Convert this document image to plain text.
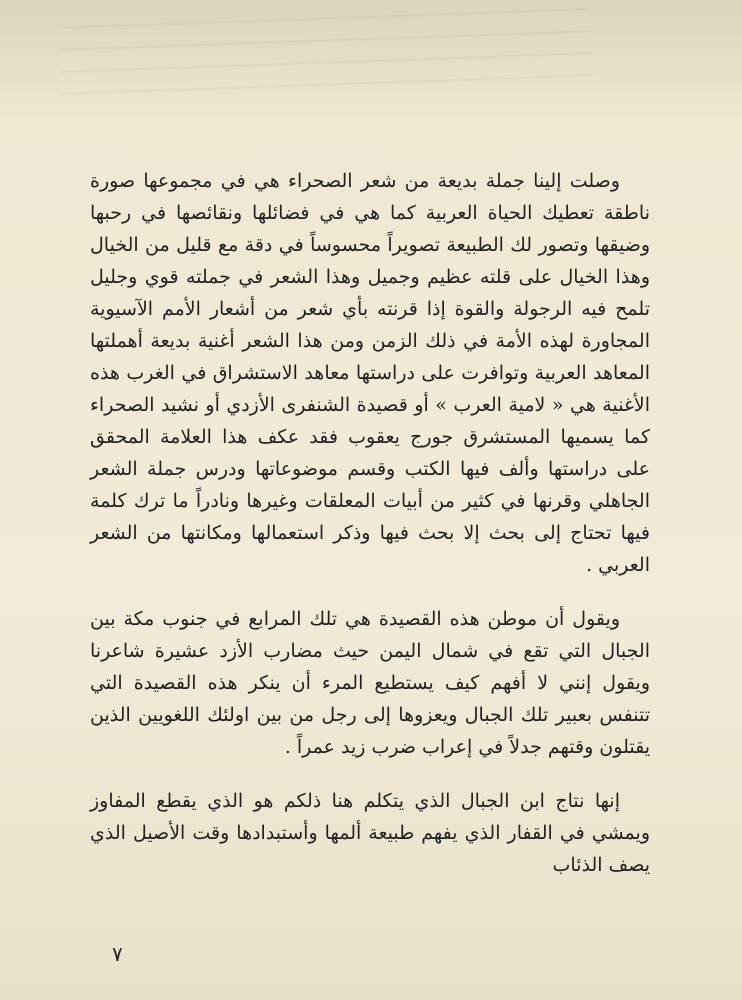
وصلت إلينا جملة بديعة من شعر الصحراء هي في مجموعها صورة ناطقة تعطيك الحياة العربية كما هي في فضائلها ونقائصها في رحبها وضيقها وتصور لك الطبيعة تصويراً محسوساً في دقة مع قليل من الخيال وهذا الخيال على قلته عظيم وجميل وهذا الشعر في جملته قوي وجليل تلمح فيه الرجولة والقوة إذا قرنته بأي شعر من أشعار الأمم الآسيوية المجاورة لهذه الأمة في ذلك الزمن ومن هذا الشعر أغنية بديعة أهملتها المعاهد العربية وتوافرت على دراستها معاهد الاستشراق في الغرب هذه الأغنية هي « لامية العرب » أو قصيدة الشنفرى الأزدي أو نشيد الصحراء كما يسميها المستشرق جورج يعقوب فقد عكف هذا العلامة المحقق على دراستها وألف فيها الكتب وقسم موضوعاتها ودرس جملة الشعر الجاهلي وقرنها في كثير من أبيات المعلقات وغيرها ونادراً ما ترك كلمة فيها تحتاج إلى بحث إلا بحث فيها وذكر استعمالها ومكانتها من الشعر العربي .

ويقول أن موطن هذه القصيدة هي تلك المرابع في جنوب مكة بين الجبال التي تقع في شمال اليمن حيث مضارب الأزد عشيرة شاعرنا ويقول إنني لا أفهم كيف يستطيع المرء أن ينكر هذه القصيدة التي تتنفس بعبير تلك الجبال ويعزوها إلى رجل من بين اولئك اللغويين الذين يقتلون وقتهم جدلاً في إعراب ضرب زيد عمراً .

إنها نتاج ابن الجبال الذي يتكلم هنا ذلكم هو الذي يقطع المفاوز ويمشي في القفار الذي يفهم طبيعة ألمها وأستبدادها وقت الأصيل الذي يصف الذئاب

٧
